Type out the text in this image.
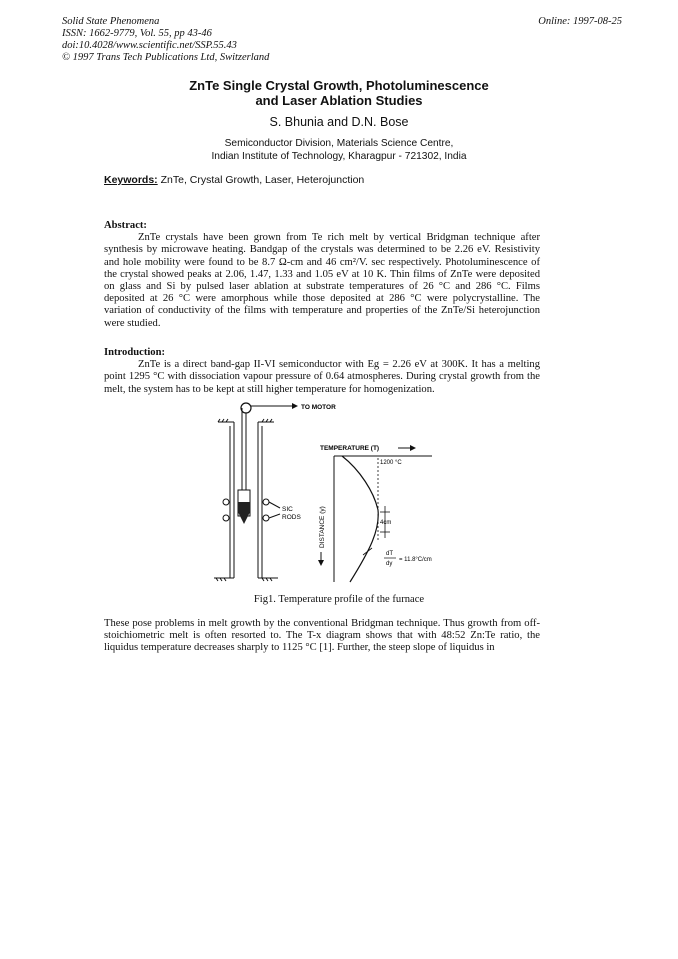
Solid State Phenomena
ISSN: 1662-9779, Vol. 55, pp 43-46
doi:10.4028/www.scientific.net/SSP.55.43
© 1997 Trans Tech Publications Ltd, Switzerland
Online: 1997-08-25
ZnTe Single Crystal Growth, Photoluminescence
and Laser Ablation Studies
S. Bhunia and D.N. Bose
Semiconductor Division, Materials Science Centre,
Indian Institute of Technology, Kharagpur - 721302, India
Keywords: ZnTe, Crystal Growth, Laser, Heterojunction
Abstract:

ZnTe crystals have been grown from Te rich melt by vertical Bridgman technique after synthesis by microwave heating. Bandgap of the crystals was determined to be 2.26 eV. Resistivity and hole mobility were found to be 8.7 Ω-cm and 46 cm²/V. sec respectively. Photoluminescence of the crystal showed peaks at 2.06, 1.47, 1.33 and 1.05 eV at 10 K. Thin films of ZnTe were deposited on glass and Si by pulsed laser ablation at substrate temperatures of 26 °C and 286 °C. Films deposited at 26 °C were amorphous while those deposited at 286 °C were polycrystalline. The variation of conductivity of the films with temperature and properties of the ZnTe/Si heterojunction were studied.

Introduction:

ZnTe is a direct band-gap II-VI semiconductor with Eg = 2.26 eV at 300K. It has a melting point 1295 °C with dissociation vapour pressure of 0.64 atmospheres. During crystal growth from the melt, the system has to be kept at still higher temperature for homogenization.

TO MOTOR
SIC
RODS
TEMPERATURE (T)
1200 °C
4cm
dT
dy
= 11.8°C/cm
DISTANCE (y)
Fig1. Temperature profile of the furnace

These pose problems in melt growth by the conventional Bridgman technique. Thus growth from off-stoichiometric melt is often resorted to. The T-x diagram shows that with 48:52 Zn:Te ratio, the liquidus temperature decreases sharply to 1125 °C [1]. Further, the steep slope of liquidus in
